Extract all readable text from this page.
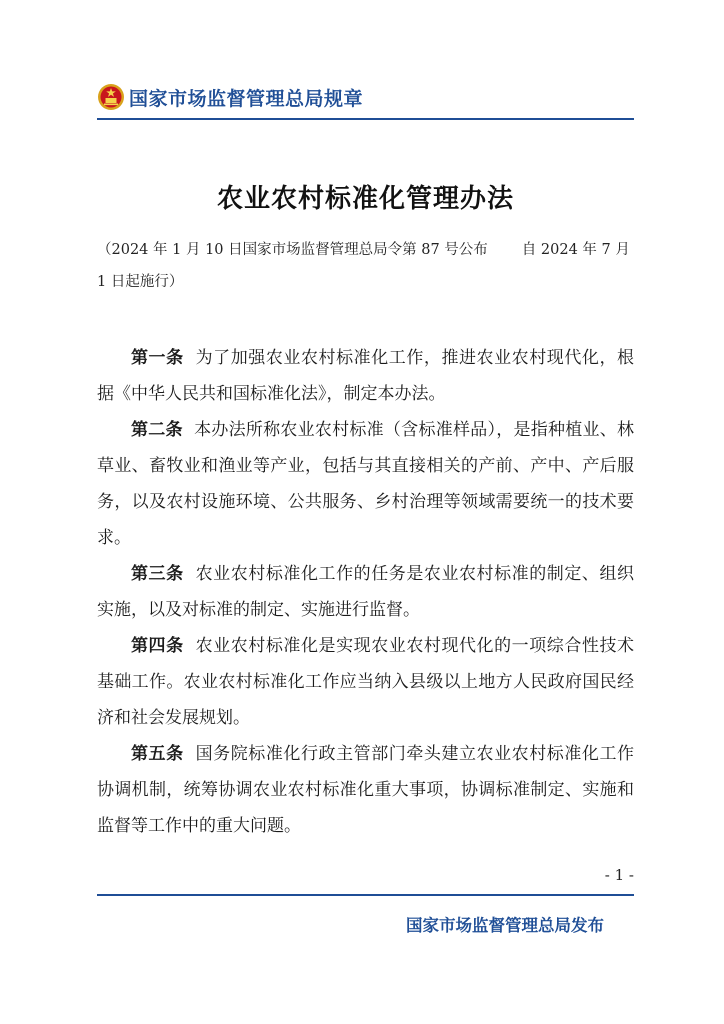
国家市场监督管理总局规章
农业农村标准化管理办法
（2024 年 1 月 10 日国家市场监督管理总局令第 87 号公布 自 2024 年 7 月 1 日起施行）

第一条 为了加强农业农村标准化工作，推进农业农村现代化，根据《中华人民共和国标准化法》，制定本办法。

第二条 本办法所称农业农村标准（含标准样品），是指种植业、林草业、畜牧业和渔业等产业，包括与其直接相关的产前、产中、产后服务，以及农村设施环境、公共服务、乡村治理等领域需要统一的技术要求。

第三条 农业农村标准化工作的任务是农业农村标准的制定、组织实施，以及对标准的制定、实施进行监督。

第四条 农业农村标准化是实现农业农村现代化的一项综合性技术基础工作。农业农村标准化工作应当纳入县级以上地方人民政府国民经济和社会发展规划。

第五条 国务院标准化行政主管部门牵头建立农业农村标准化工作协调机制，统筹协调农业农村标准化重大事项，协调标准制定、实施和监督等工作中的重大问题。

- 1 -
国家市场监督管理总局发布
